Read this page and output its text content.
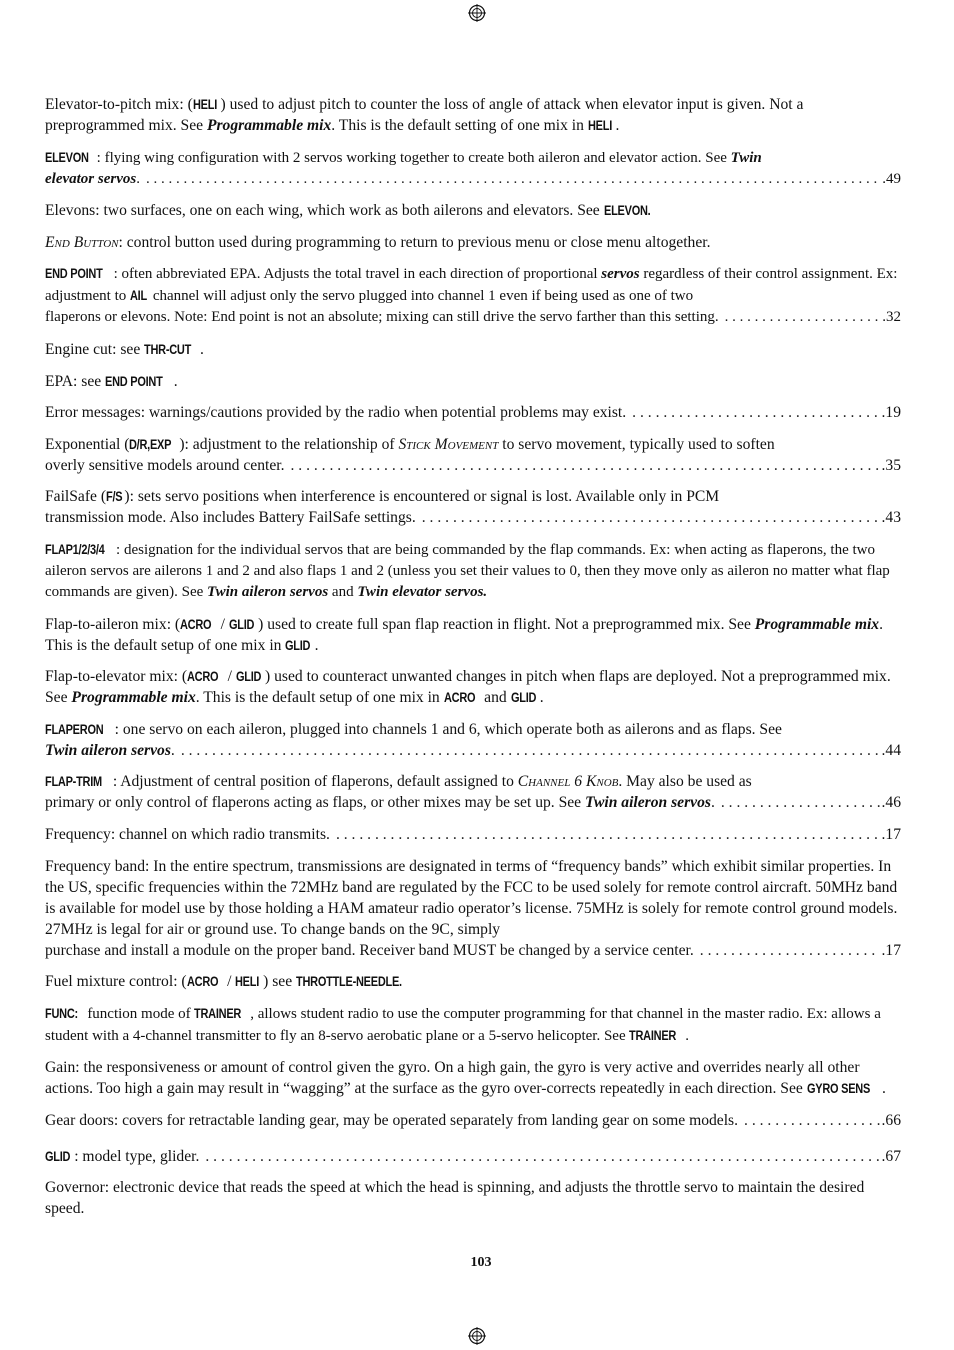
Elevator-to-pitch mix: (HELI ) used to adjust pitch to counter the loss of angle of attack when elevator input is given. Not a preprogrammed mix. See Programmable mix. This is the default setting of one mix in HELI .

ELEVON : flying wing configuration with 2 servos working together to create both aileron and elevator action. See Twin
elevator servos. . . .	.49

Elevons: two surfaces, one on each wing, which work as both ailerons and elevators. See ELEVON.

End Button: control button used during programming to return to previous menu or close menu altogether.

END POINT : often abbreviated EPA. Adjusts the total travel in each direction of proportional servos regardless of their control assignment. Ex: adjustment to AIL channel will adjust only the servo plugged into channel 1 even if being used as one of two
flaperons or elevons. Note: End point is not an absolute; mixing can still drive the servo farther than this setting. . . .	.32

Engine cut: see THR-CUT .

EPA: see END POINT .

Error messages: warnings/cautions provided by the radio when potential problems may exist. . . .	.19
Exponential (D/R,EXP ): adjustment to the relationship of Stick Movement to servo movement, typically used to soften
overly sensitive models around center. . . .	.35
FailSafe (F/S ): sets servo positions when interference is encountered or signal is lost. Available only in PCM
transmission mode. Also includes Battery FailSafe settings. . . .	.43

FLAP1/2/3/4 : designation for the individual servos that are being commanded by the flap commands. Ex: when acting as flaperons, the two aileron servos are ailerons 1 and 2 and also flaps 1 and 2 (unless you set their values to 0, then they move only as aileron no matter what flap commands are given). See Twin aileron servos and Twin elevator servos.

Flap-to-aileron mix: (ACRO / GLID ) used to create full span flap reaction in flight. Not a preprogrammed mix. See Programmable mix. This is the default setup of one mix in GLID .

Flap-to-elevator mix: (ACRO / GLID ) used to counteract unwanted changes in pitch when flaps are deployed. Not a preprogrammed mix. See Programmable mix. This is the default setup of one mix in ACRO and GLID .

FLAPERON : one servo on each aileron, plugged into channels 1 and 6, which operate both as ailerons and as flaps. See
Twin aileron servos. . . .	.44
FLAP-TRIM : Adjustment of central position of flaperons, default assigned to Channel 6 Knob. May also be used as
primary or only control of flaperons acting as flaps, or other mixes may be set up. See Twin aileron servos. . . .	.46
Frequency: channel on which radio transmits. . . .	.17
Frequency band: In the entire spectrum, transmissions are designated in terms of “frequency bands” which exhibit similar properties. In the US, specific frequencies within the 72MHz band are regulated by the FCC to be used solely for remote control aircraft. 50MHz band is available for model use by those holding a HAM amateur radio operator’s license. 75MHz is solely for remote control ground models. 27MHz is legal for air or ground use. To change bands on the 9C, simply
purchase and install a module on the proper band. Receiver band MUST be changed by a service center. . . .	.17

Fuel mixture control: (ACRO / HELI ) see THROTTLE-NEEDLE.

FUNC: function mode of TRAINER , allows student radio to use the computer programming for that channel in the master radio. Ex: allows a student with a 4-channel transmitter to fly an 8-servo aerobatic plane or a 5-servo helicopter. See TRAINER .

Gain: the responsiveness or amount of control given the gyro. On a high gain, the gyro is very active and overrides nearly all other actions. Too high a gain may result in “wagging” at the surface as the gyro over-corrects repeatedly in each direction. See GYRO SENS .

Gear doors: covers for retractable landing gear, may be operated separately from landing gear on some models. . . .	.66
GLID : model type, glider. . . .	.67

Governor: electronic device that reads the speed at which the head is spinning, and adjusts the throttle servo to maintain the desired speed.

103
